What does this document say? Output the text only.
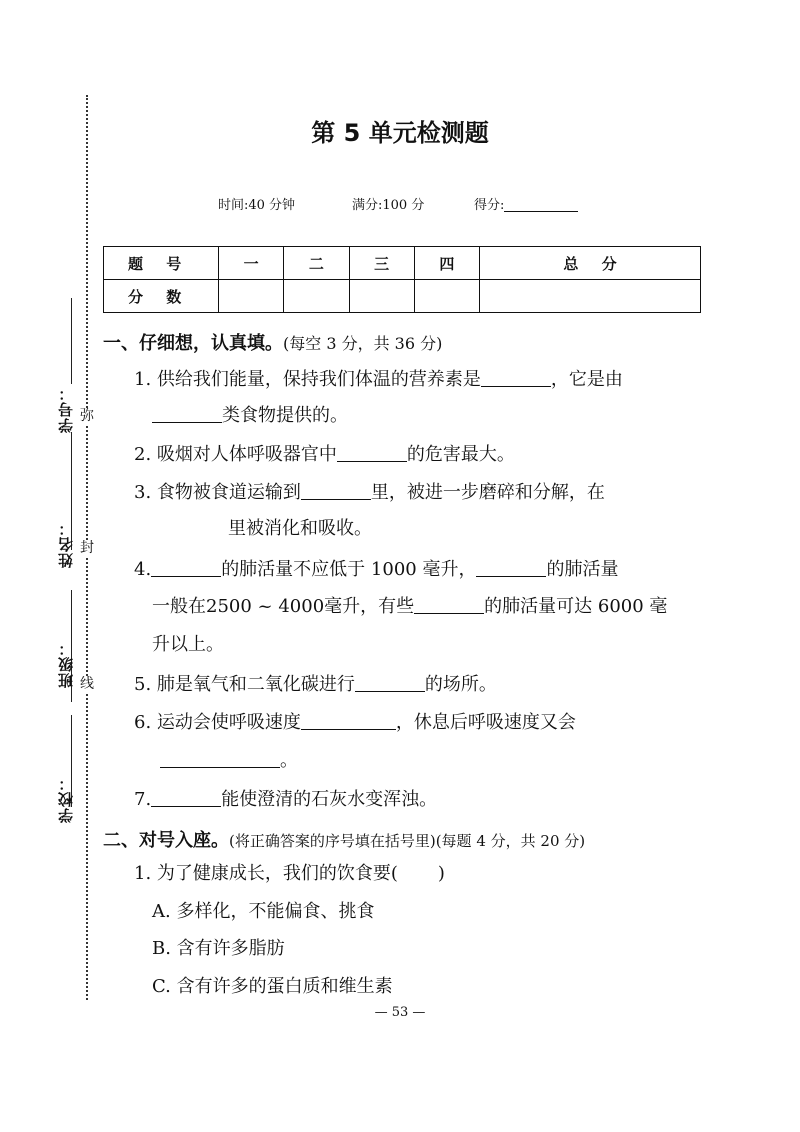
学号：
姓名：
班级：
学校：
弥
封
线
第 5 单元检测题
时间:40 分钟	满分:100 分	得分:
题 号	一	二	三	四	总 分
分 数					
一、仔细想，认真填。(每空 3 分，共 36 分)
1. 供给我们能量，保持我们体温的营养素是	，它是由
类食物提供的。
2. 吸烟对人体呼吸器官中	的危害最大。
3. 食物被食道运输到	里，被进一步磨碎和分解，在
里被消化和吸收。
4.	的肺活量不应低于 1000 毫升，	的肺活量
一般在2500 ~ 4000毫升，有些	的肺活量可达 6000 毫
升以上。
5. 肺是氧气和二氧化碳进行	的场所。
6. 运动会使呼吸速度	，休息后呼吸速度又会
。
7.	能使澄清的石灰水变浑浊。
二、对号入座。(将正确答案的序号填在括号里)(每题 4 分，共 20 分)
1. 为了健康成长，我们的饮食要( )
A. 多样化，不能偏食、挑食
B. 含有许多脂肪
C. 含有许多的蛋白质和维生素
— 53 —
